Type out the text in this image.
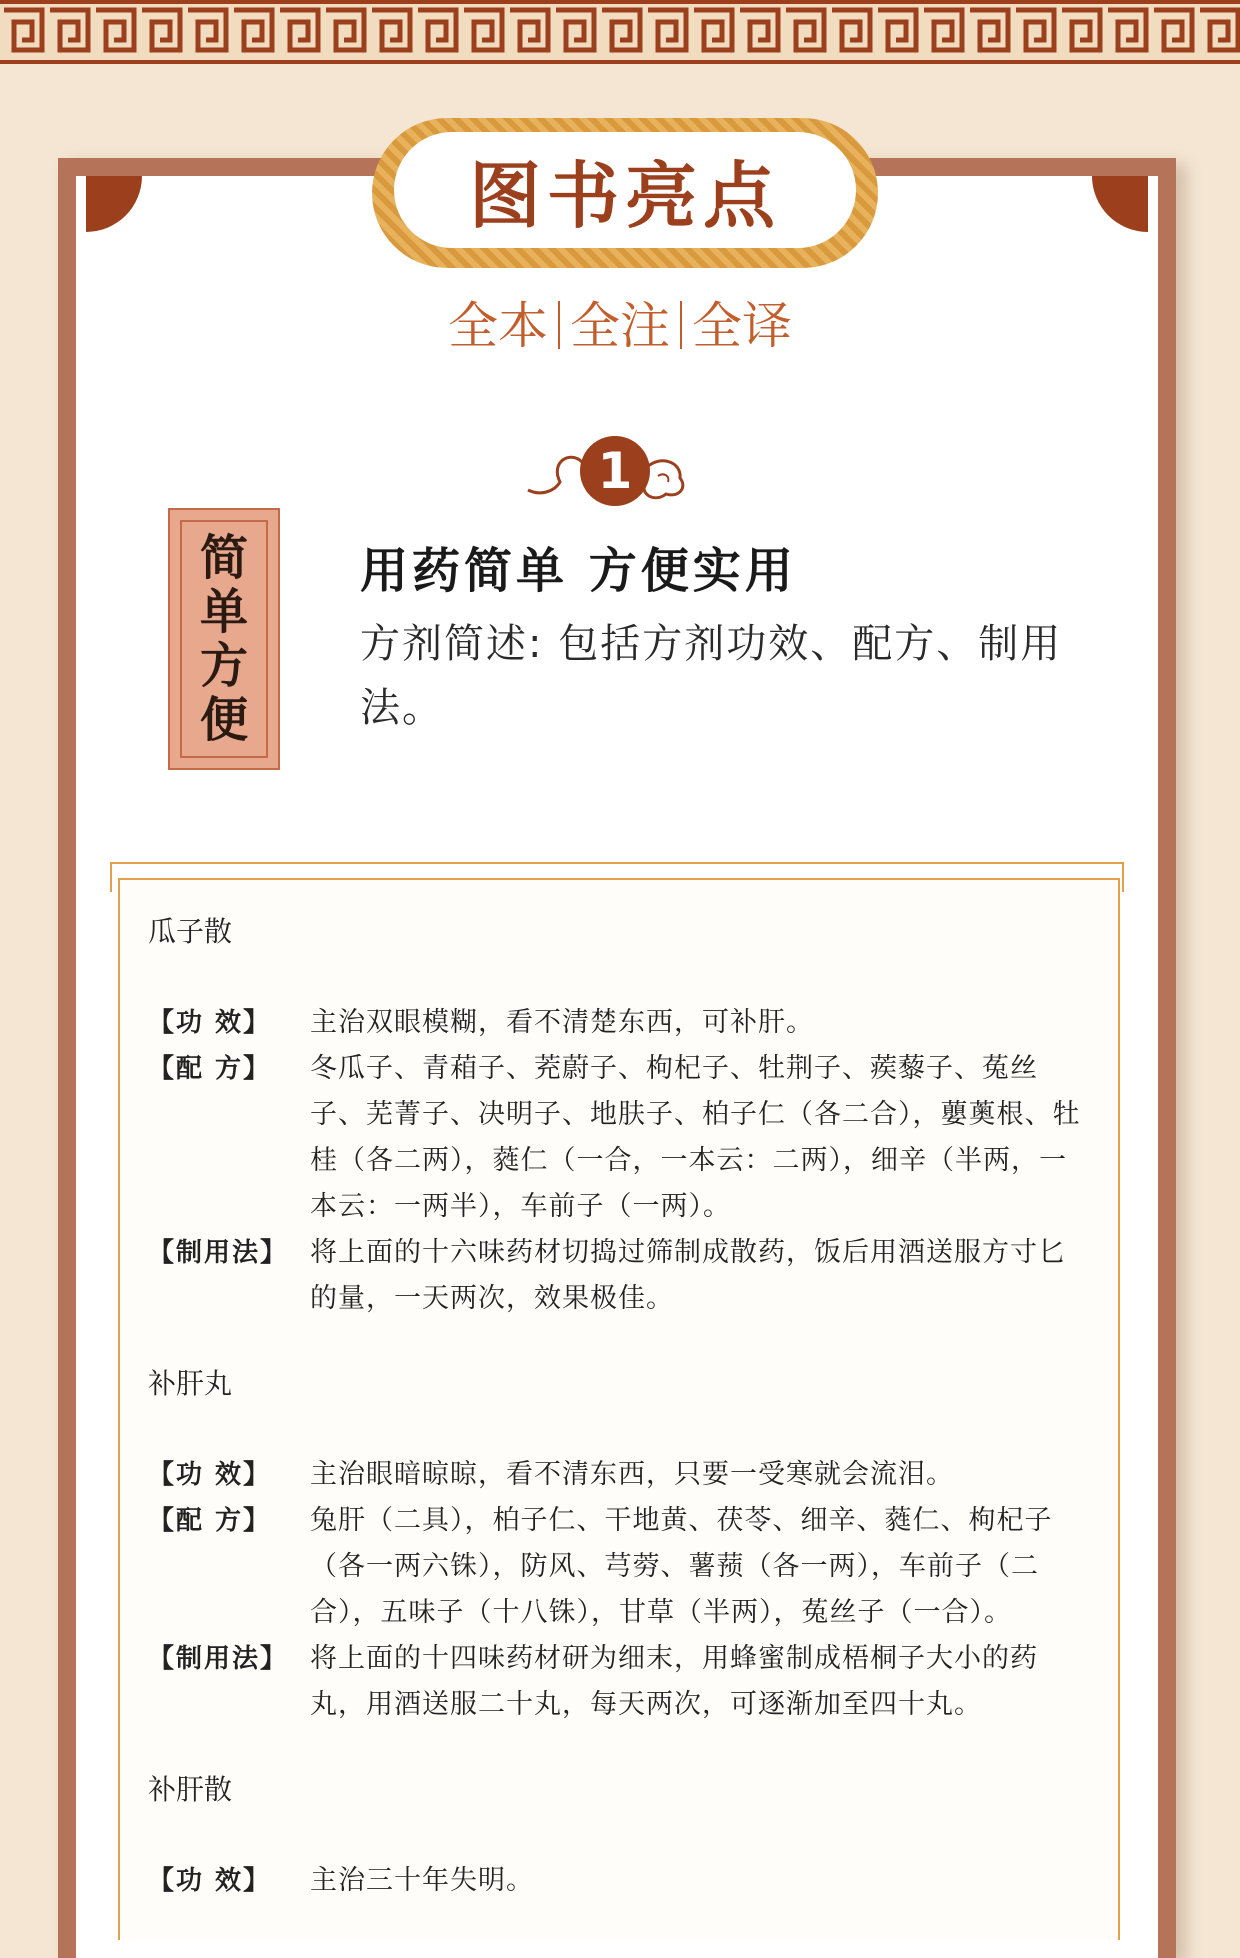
图书亮点
全本 全注 全译
1
简
单
方
便
用药简单 方便实用
方剂简述: 包括方剂功效、配方、制用法。
瓜子散
【功 效】	主治双眼模糊，看不清楚东西，可补肝。
【配 方】	冬瓜子、青葙子、茺蔚子、枸杞子、牡荆子、蒺藜子、菟丝子、芜菁子、决明子、地肤子、柏子仁（各二合），蘡薁根、牡桂（各二两），蕤仁（一合，一本云：二两），细辛（半两，一本云：一两半），车前子（一两）。
【制用法】 将上面的十六味药材切捣过筛制成散药，饭后用酒送服方寸匕的量，一天两次，效果极佳。
补肝丸
【功 效】	主治眼暗晾晾，看不清东西，只要一受寒就会流泪。
【配 方】	兔肝（二具），柏子仁、干地黄、茯苓、细辛、蕤仁、枸杞子（各一两六铢），防风、芎䓖、薯蓣（各一两），车前子（二合），五味子（十八铢），甘草（半两），菟丝子（一合）。
【制用法】 将上面的十四味药材研为细末，用蜂蜜制成梧桐子大小的药丸，用酒送服二十丸，每天两次，可逐渐加至四十丸。
补肝散
【功 效】	主治三十年失明。
